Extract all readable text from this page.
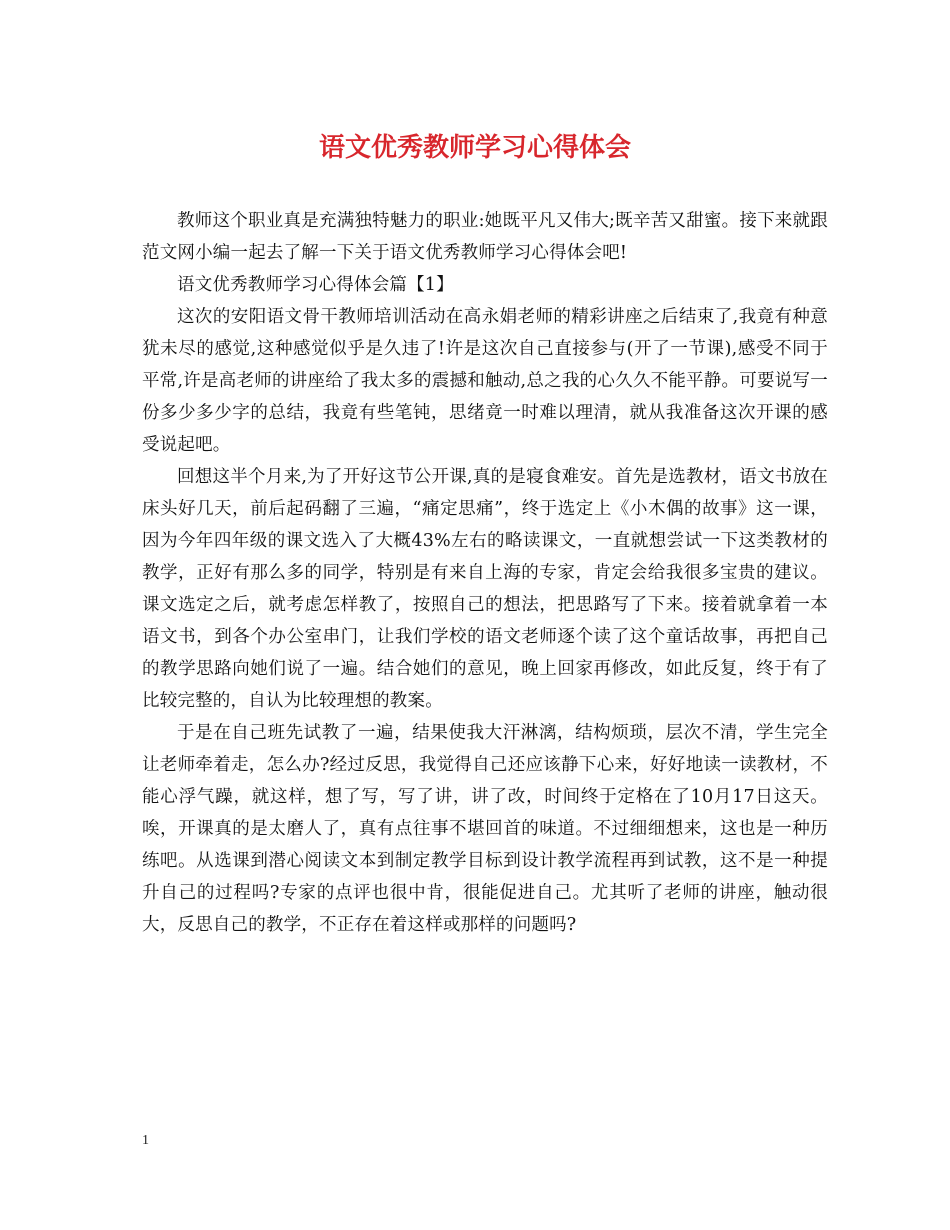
语文优秀教师学习心得体会

教师这个职业真是充满独特魅力的职业:她既平凡又伟大;既辛苦又甜蜜。接下来就跟范文网小编一起去了解一下关于语文优秀教师学习心得体会吧!

语文优秀教师学习心得体会篇【1】

这次的安阳语文骨干教师培训活动在高永娟老师的精彩讲座之后结束了,我竟有种意犹未尽的感觉,这种感觉似乎是久违了!许是这次自己直接参与(开了一节课),感受不同于平常,许是高老师的讲座给了我太多的震撼和触动,总之我的心久久不能平静。可要说写一份多少多少字的总结，我竟有些笔钝，思绪竟一时难以理清，就从我准备这次开课的感受说起吧。

回想这半个月来,为了开好这节公开课,真的是寝食难安。首先是选教材，语文书放在床头好几天，前后起码翻了三遍，“痛定思痛”，终于选定上《小木偶的故事》这一课，因为今年四年级的课文选入了大概43%左右的略读课文，一直就想尝试一下这类教材的教学，正好有那么多的同学，特别是有来自上海的专家，肯定会给我很多宝贵的建议。课文选定之后，就考虑怎样教了，按照自己的想法，把思路写了下来。接着就拿着一本语文书，到各个办公室串门，让我们学校的语文老师逐个读了这个童话故事，再把自己的教学思路向她们说了一遍。结合她们的意见，晚上回家再修改，如此反复，终于有了比较完整的，自认为比较理想的教案。

于是在自己班先试教了一遍，结果使我大汗淋漓，结构烦琐，层次不清，学生完全让老师牵着走，怎么办?经过反思，我觉得自己还应该静下心来，好好地读一读教材，不能心浮气躁，就这样，想了写，写了讲，讲了改，时间终于定格在了10月17日这天。唉，开课真的是太磨人了，真有点往事不堪回首的味道。不过细细想来，这也是一种历练吧。从选课到潜心阅读文本到制定教学目标到设计教学流程再到试教，这不是一种提升自己的过程吗?专家的点评也很中肯，很能促进自己。尤其听了老师的讲座，触动很大，反思自己的教学，不正存在着这样或那样的问题吗?

1
